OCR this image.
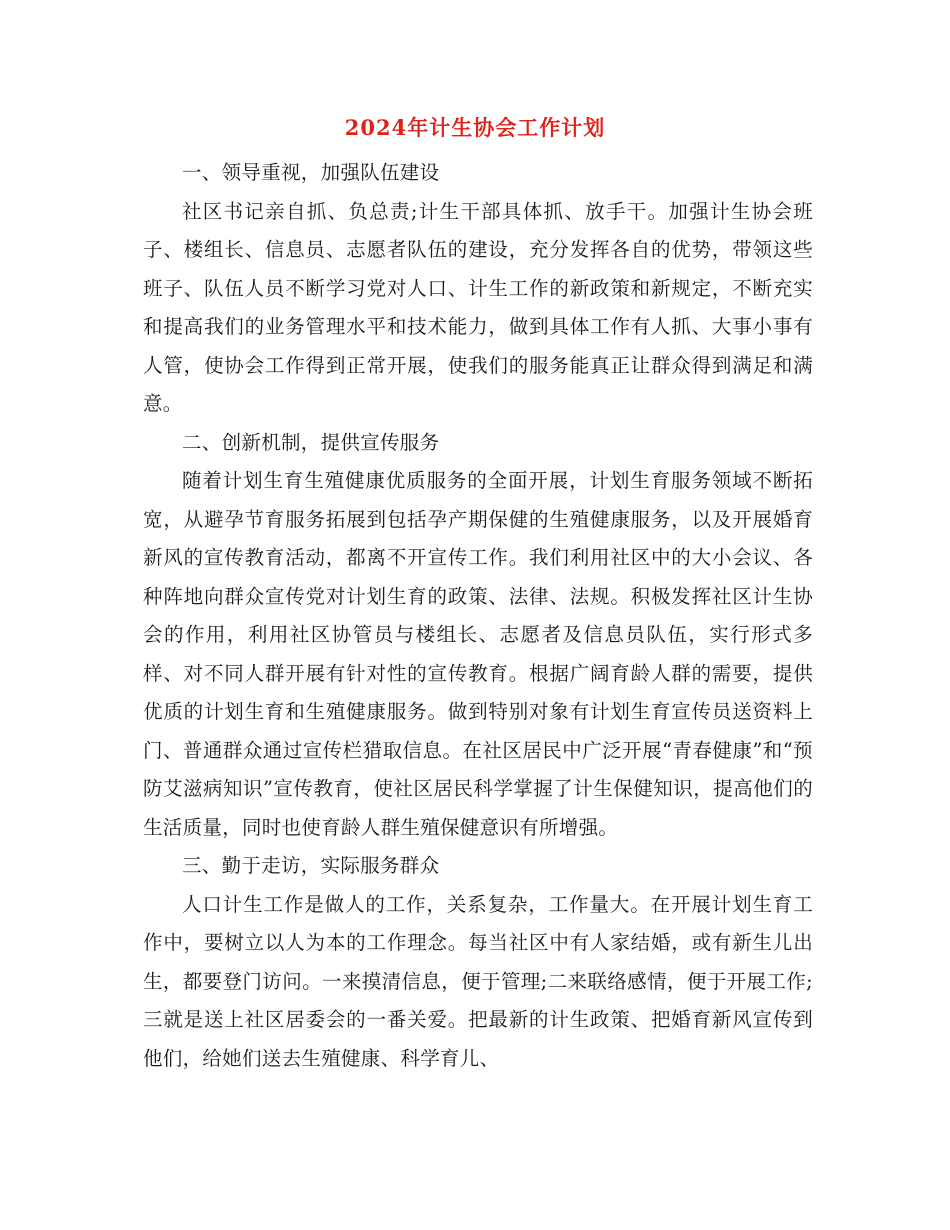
2024年计生协会工作计划

一、领导重视，加强队伍建设

社区书记亲自抓、负总责;计生干部具体抓、放手干。加强计生协会班子、楼组长、信息员、志愿者队伍的建设，充分发挥各自的优势，带领这些班子、队伍人员不断学习党对人口、计生工作的新政策和新规定，不断充实和提高我们的业务管理水平和技术能力，做到具体工作有人抓、大事小事有人管，使协会工作得到正常开展，使我们的服务能真正让群众得到满足和满意。

二、创新机制，提供宣传服务

随着计划生育生殖健康优质服务的全面开展，计划生育服务领域不断拓宽，从避孕节育服务拓展到包括孕产期保健的生殖健康服务，以及开展婚育新风的宣传教育活动，都离不开宣传工作。我们利用社区中的大小会议、各种阵地向群众宣传党对计划生育的政策、法律、法规。积极发挥社区计生协会的作用，利用社区协管员与楼组长、志愿者及信息员队伍，实行形式多样、对不同人群开展有针对性的宣传教育。根据广阔育龄人群的需要，提供优质的计划生育和生殖健康服务。做到特别对象有计划生育宣传员送资料上门、普通群众通过宣传栏猎取信息。在社区居民中广泛开展“青春健康”和“预防艾滋病知识”宣传教育，使社区居民科学掌握了计生保健知识，提高他们的生活质量，同时也使育龄人群生殖保健意识有所增强。

三、勤于走访，实际服务群众

人口计生工作是做人的工作，关系复杂，工作量大。在开展计划生育工作中，要树立以人为本的工作理念。每当社区中有人家结婚，或有新生儿出生，都要登门访问。一来摸清信息，便于管理;二来联络感情，便于开展工作;三就是送上社区居委会的一番关爱。把最新的计生政策、把婚育新风宣传到他们，给她们送去生殖健康、科学育儿、
